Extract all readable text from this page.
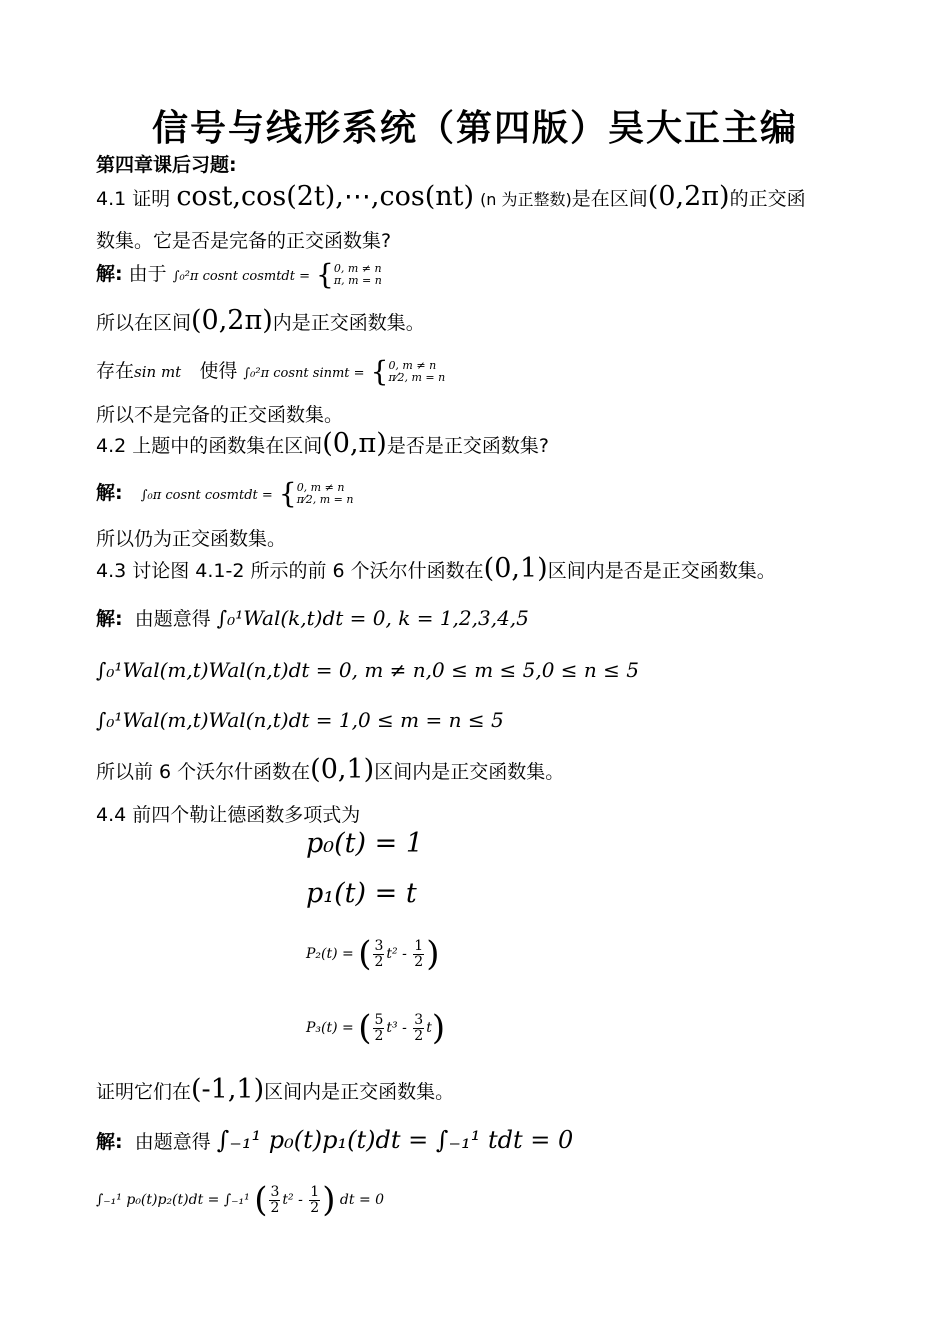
信号与线形系统（第四版）吴大正主编
第四章课后习题:
4.1 证明 cost,cos(2t),⋯,cos(nt) (n 为正整数)是在区间(0,2π)的正交函
数集。它是否是完备的正交函数集?
解: 由于 ∫₀²π cosnt cosmtdt = {0, m ≠ n
π, m = n
所以在区间(0,2π)内是正交函数集。
存在sin mt 使得 ∫₀²π cosnt sinmt = {0, m ≠ n
π⁄2, m = n
所以不是完备的正交函数集。
4.2 上题中的函数集在区间(0,π)是否是正交函数集?
解: ∫₀π cosnt cosmtdt = {0, m ≠ n
π⁄2, m = n
所以仍为正交函数集。
4.3 讨论图 4.1-2 所示的前 6 个沃尔什函数在(0,1)区间内是否是正交函数集。
解: 由题意得 ∫₀¹Wal(k,t)dt = 0, k = 1,2,3,4,5
∫₀¹Wal(m,t)Wal(n,t)dt = 0, m ≠ n,0 ≤ m ≤ 5,0 ≤ n ≤ 5
∫₀¹Wal(m,t)Wal(n,t)dt = 1,0 ≤ m = n ≤ 5
所以前 6 个沃尔什函数在(0,1)区间内是正交函数集。
4.4 前四个勒让德函数多项式为
p₀(t) = 1
p₁(t) = t
P₂(t) = ( $\frac{3}{2} t^2 - \frac{1}{2}$ )
P₃(t) = ( $\frac{5}{2} t^3 - \frac{3}{2} t$)
证明它们在(-1,1)区间内是正交函数集。
解: 由题意得 ∫₋₁¹ p₀(t)p₁(t)dt = ∫₋₁¹ tdt = 0
∫₋₁¹ p₀(t)p₂(t)dt = ∫₋₁¹ ( $\frac{3}{2} t^2 - \frac{1}{2}$ ) dt = 0
